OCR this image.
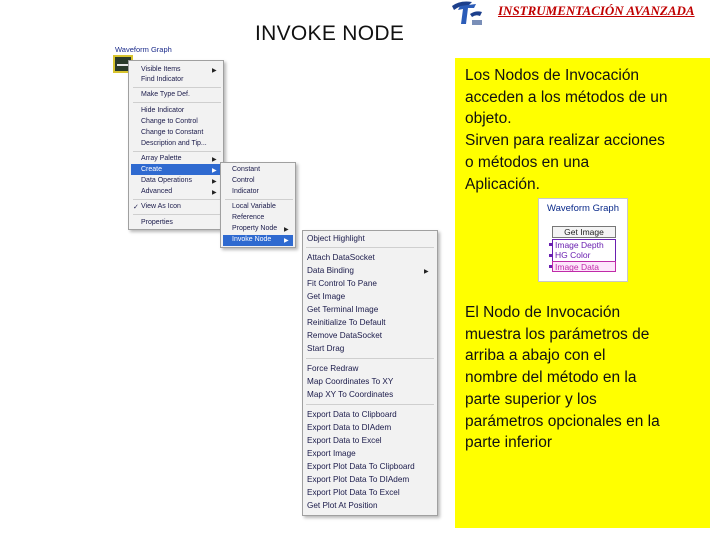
INVOKE NODE
INSTRUMENTACIÓN AVANZADA
Los Nodos de Invocación
acceden a los métodos de un
objeto.
Sirven para realizar acciones
o métodos en una
Aplicación.
El Nodo de Invocación
muestra los parámetros de
arriba a abajo con el
nombre del método en la
parte superior y los
parámetros opcionales en la
parte inferior
Waveform Graph
Get Image
Image Depth
HG Color
Image Data
Waveform Graph
Visible Items	▶
Find Indicator
Make Type Def.
Hide Indicator
Change to Control
Change to Constant
Description and Tip...
Array Palette	▶
Create	▶
Data Operations	▶
Advanced	▶
✓ View As Icon
Properties
Constant
Control
Indicator
Local Variable
Reference
Property Node ▶
Invoke Node ▶ Object Highlight
Attach DataSocket
Data Binding	▶
Fit Control To Pane
Get Image
Get Terminal Image
Reinitialize To Default
Remove DataSocket
Start Drag
Force Redraw
Map Coordinates To XY
Map XY To Coordinates
Export Data to Clipboard
Export Data to DIAdem
Export Data to Excel
Export Image
Export Plot Data To Clipboard
Export Plot Data To DIAdem
Export Plot Data To Excel
Get Plot At Position
